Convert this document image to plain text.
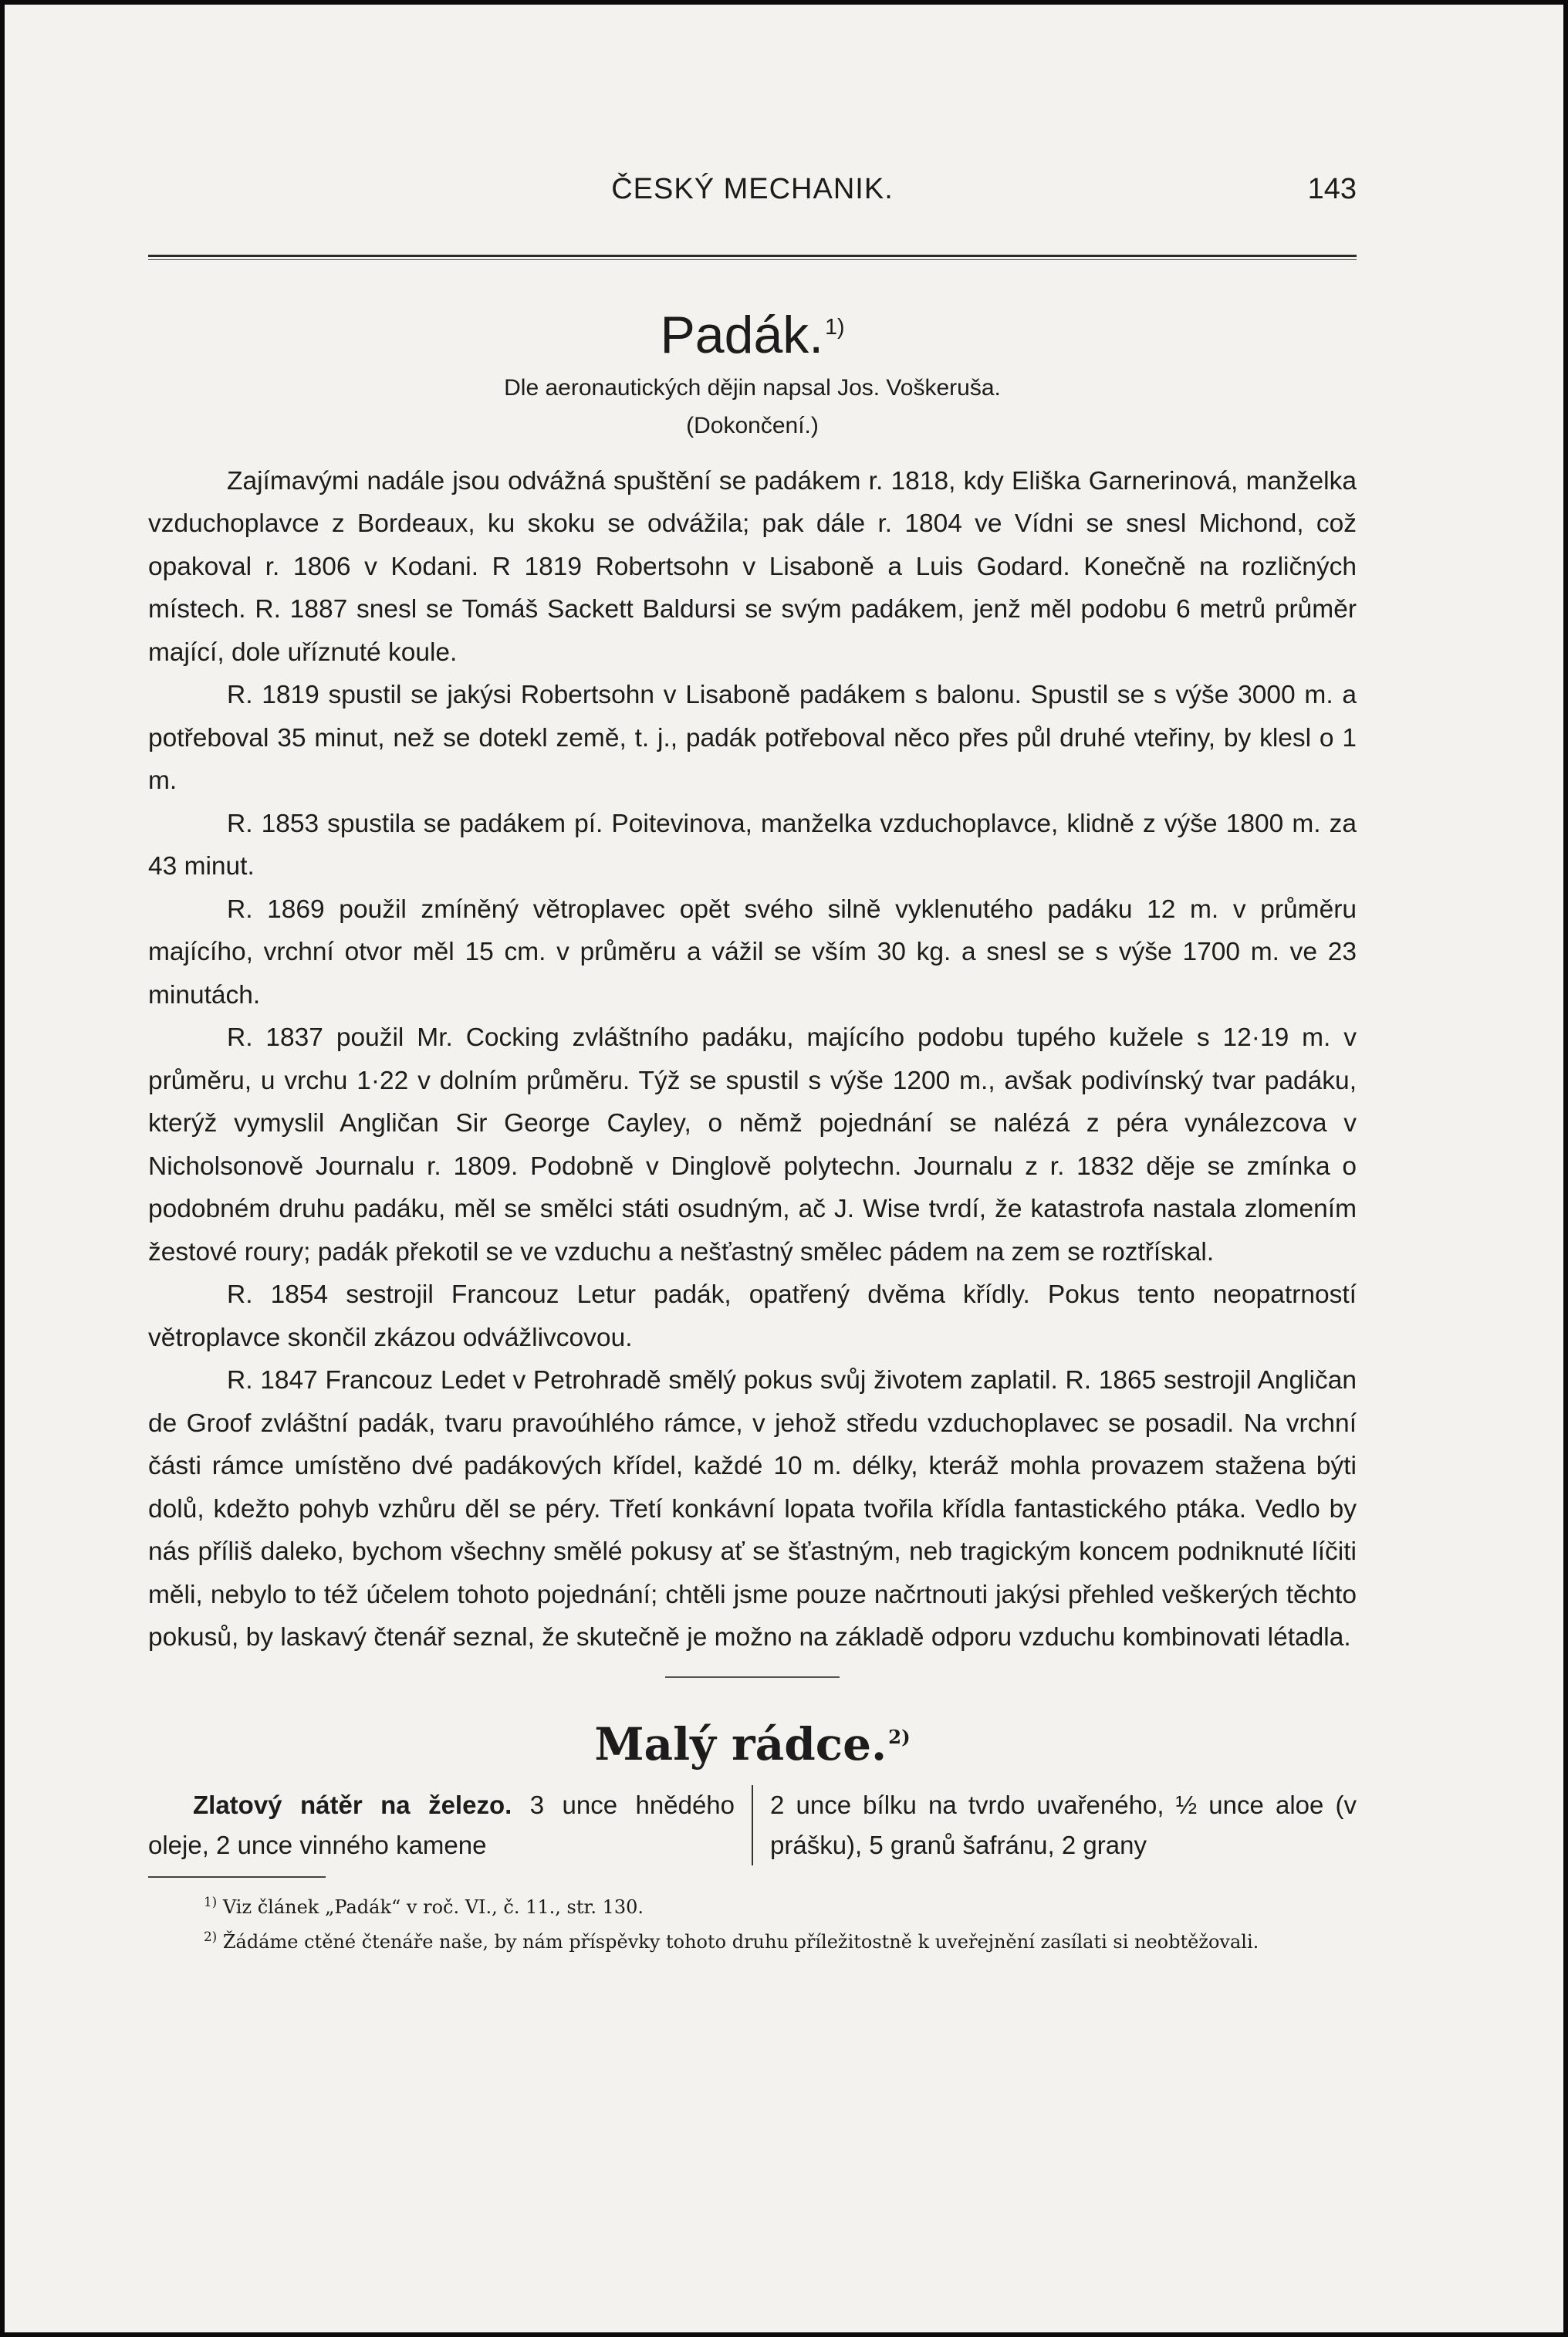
ČESKÝ MECHANIK.	143
Padák.$^{1)}$
Dle aeronautických dějin napsal Jos. Voškeruša.
(Dokončení.)

Zajímavými nadále jsou odvážná spuštění se padákem r. 1818, kdy Eliška Garnerinová, manželka vzduchoplavce z Bordeaux, ku skoku se odvážila; pak dále r. 1804 ve Vídni se snesl Michond, což opakoval r. 1806 v Kodani. R 1819 Robertsohn v Lisaboně a Luis Godard. Konečně na rozličných místech. R. 1887 snesl se Tomáš Sackett Baldursi se svým padákem, jenž měl podobu 6 metrů průměr mající, dole uříznuté koule.

R. 1819 spustil se jakýsi Robertsohn v Lisaboně padákem s balonu. Spustil se s výše 3000 m. a potřeboval 35 minut, než se dotekl země, t. j., padák potřeboval něco přes půl druhé vteřiny, by klesl o 1 m.

R. 1853 spustila se padákem pí. Poitevinova, manželka vzduchoplavce, klidně z výše 1800 m. za 43 minut.

R. 1869 použil zmíněný větroplavec opět svého silně vyklenutého padáku 12 m. v průměru majícího, vrchní otvor měl 15 cm. v průměru a vážil se vším 30 kg. a snesl se s výše 1700 m. ve 23 minutách.

R. 1837 použil Mr. Cocking zvláštního padáku, majícího podobu tupého kužele s 12·19 m. v průměru, u vrchu 1·22 v dolním průměru. Týž se spustil s výše 1200 m., avšak podivínský tvar padáku, kterýž vymyslil Angličan Sir George Cayley, o němž pojednání se nalézá z péra vynálezcova v Nicholsonově Journalu r. 1809. Podobně v Dinglově polytechn. Journalu z r. 1832 děje se zmínka o podobném druhu padáku, měl se smělci státi osudným, ač J. Wise tvrdí, že katastrofa nastala zlomením žestové roury; padák překotil se ve vzduchu a nešťastný smělec pádem na zem se roztřískal.

R. 1854 sestrojil Francouz Letur padák, opatřený dvěma křídly. Pokus tento neopatrností větroplavce skončil zkázou odvážlivcovou.

R. 1847 Francouz Ledet v Petrohradě smělý pokus svůj životem zaplatil. R. 1865 sestrojil Angličan de Groof zvláštní padák, tvaru pravoúhlého rámce, v jehož středu vzduchoplavec se posadil. Na vrchní části rámce umístěno dvé padákových křídel, každé 10 m. délky, kteráž mohla provazem stažena býti dolů, kdežto pohyb vzhůru děl se péry. Třetí konkávní lopata tvořila křídla fantastického ptáka. Vedlo by nás příliš daleko, bychom všechny smělé pokusy ať se šťastným, neb tragickým koncem podniknuté líčiti měli, nebylo to též účelem tohoto pojednání; chtěli jsme pouze načrtnouti jakýsi přehled veškerých těchto pokusů, by laskavý čtenář seznal, že skutečně je možno na základě odporu vzduchu kombinovati létadla.

Malý rádce.$^{2)}$
Zlatový nátěr na železo. 3 unce hnědého oleje, 2 unce vinného kamene
2 unce bílku na tvrdo uvařeného, ½ unce aloe (v prášku), 5 granů šafránu, 2 grany

$^{1)}$ Viz článek „Padák“ v roč. VI., č. 11., str. 130.

$^{2)}$ Žádáme ctěné čtenáře naše, by nám příspěvky tohoto druhu příležitostně k uveřejnění zasílati si neobtěžovali.
